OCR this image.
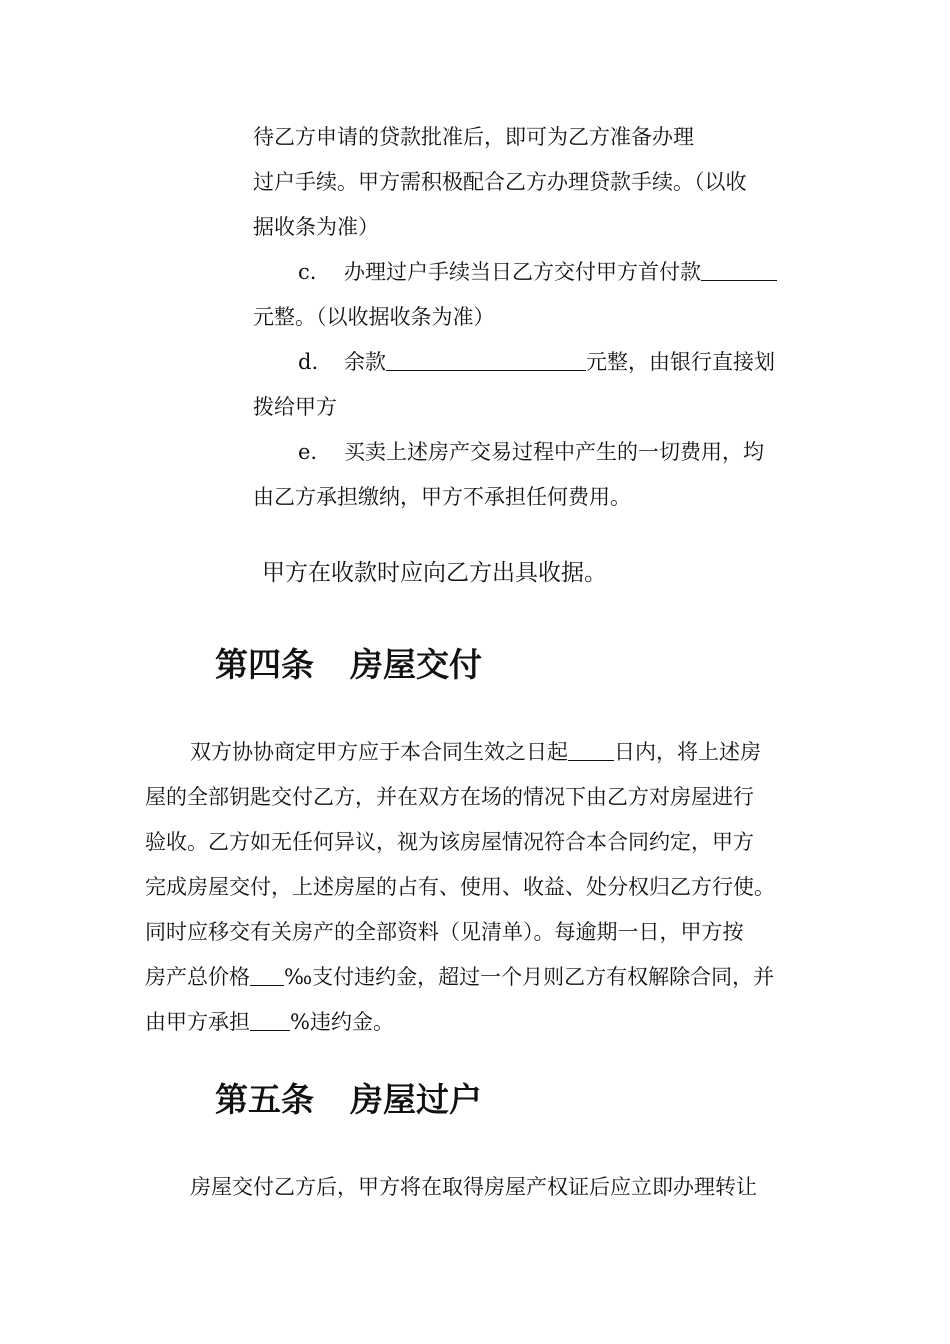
待乙方申请的贷款批准后，即可为乙方准备办理

过户手续。甲方需积极配合乙方办理贷款手续。（以收

据收条为准）

c. 办理过户手续当日乙方交付甲方首付款

元整。（以收据收条为准）

d. 余款	元整，由银行直接划

拨给甲方

e. 买卖上述房产交易过程中产生的一切费用，均

由乙方承担缴纳，甲方不承担任何费用。

甲方在收款时应向乙方出具收据。

第四条 房屋交付

双方协协商定甲方应于本合同生效之日起 日内，将上述房

屋的全部钥匙交付乙方，并在双方在场的情况下由乙方对房屋进行

验收。乙方如无任何异议，视为该房屋情况符合本合同约定，甲方

完成房屋交付，上述房屋的占有、使用、收益、处分权归乙方行使。

同时应移交有关房产的全部资料（见清单）。每逾期一日，甲方按

房产总价格 ‰支付违约金，超过一个月则乙方有权解除合同，并

由甲方承担 %违约金。

第五条 房屋过户

房屋交付乙方后，甲方将在取得房屋产权证后应立即办理转让
